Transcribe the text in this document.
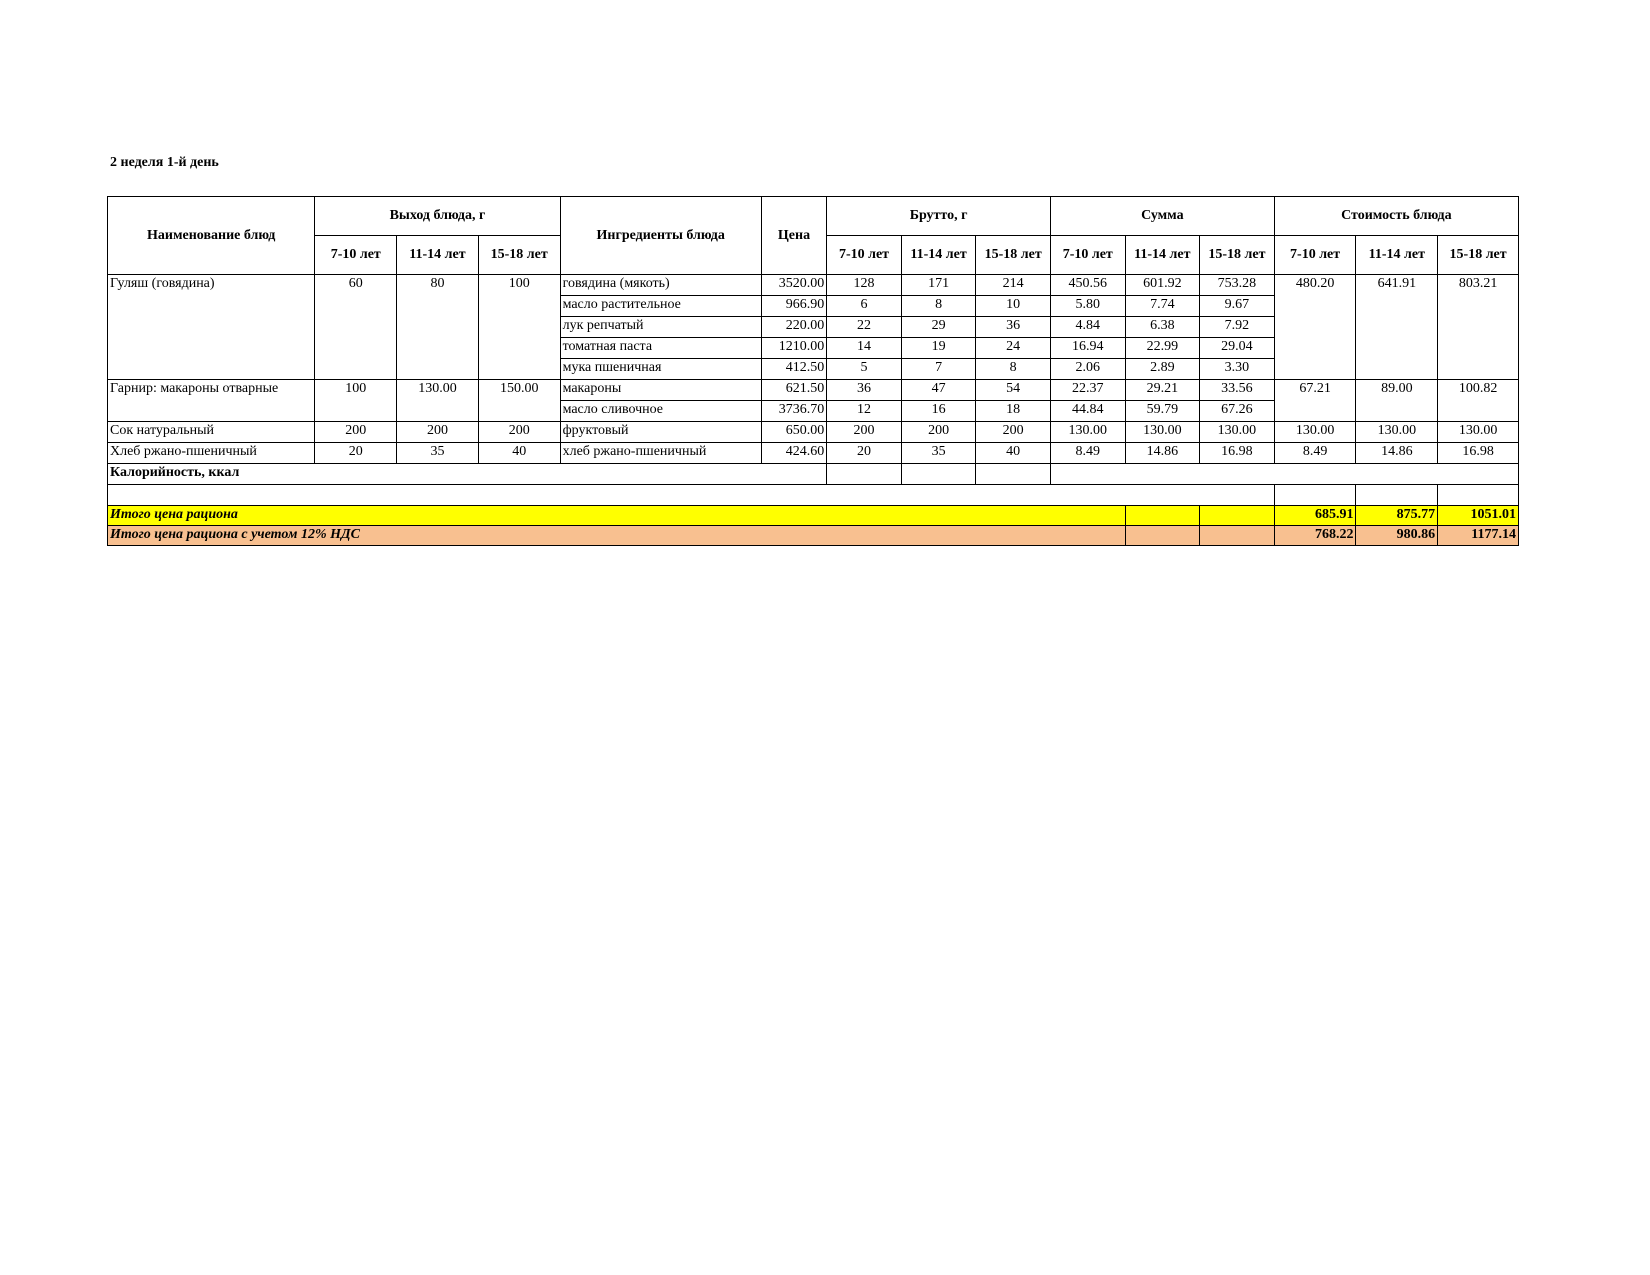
2 неделя 1-й день
Наименование блюд	Выход блюда, г			Ингредиенты блюда	Цена	Брутто, г			Сумма			Стоимость блюда		
	7-10 лет	11-14 лет	15-18 лет			7-10 лет	11-14 лет	15-18 лет	7-10 лет	11-14 лет	15-18 лет	7-10 лет	11-14 лет	15-18 лет
Гуляш (говядина)	60	80	100	говядина (мякоть)	3520.00	128	171	214	450.56	601.92	753.28	480.20	641.91	803.21
				масло растительное	966.90	6	8	10	5.80	7.74	9.67			
				лук репчатый	220.00	22	29	36	4.84	6.38	7.92			
				томатная паста	1210.00	14	19	24	16.94	22.99	29.04			
				мука пшеничная	412.50	5	7	8	2.06	2.89	3.30			
Гарнир: макароны отварные	100	130.00	150.00	макароны	621.50	36	47	54	22.37	29.21	33.56	67.21	89.00	100.82
				масло сливочное	3736.70	12	16	18	44.84	59.79	67.26			
Сок натуральный	200	200	200	фруктовый	650.00	200	200	200	130.00	130.00	130.00	130.00	130.00	130.00
Хлеб ржано-пшеничный	20	35	40	хлеб ржано-пшеничный	424.60	20	35	40	8.49	14.86	16.98	8.49	14.86	16.98
Калорийность, ккал														

Итого цена рациона												685.91	875.77	1051.01
Итого цена рациона с учетом 12% НДС												768.22	980.86	1177.14
